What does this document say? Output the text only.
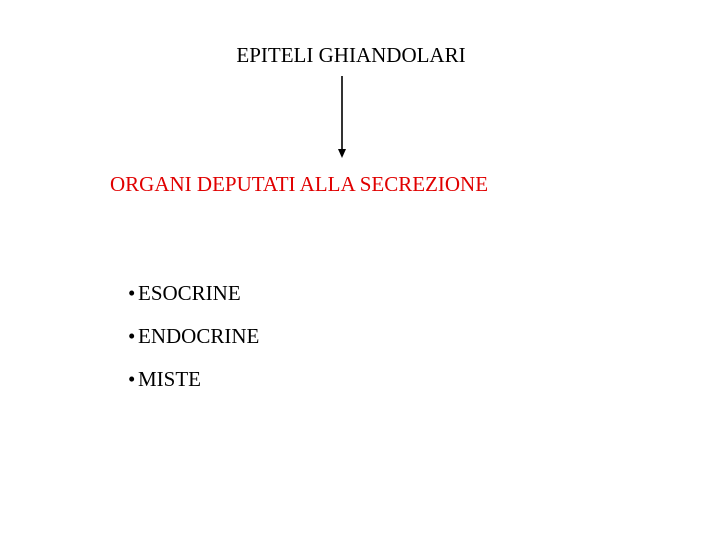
EPITELI GHIANDOLARI
ORGANI DEPUTATI ALLA SECREZIONE
• ESOCRINE
• ENDOCRINE
• MISTE
